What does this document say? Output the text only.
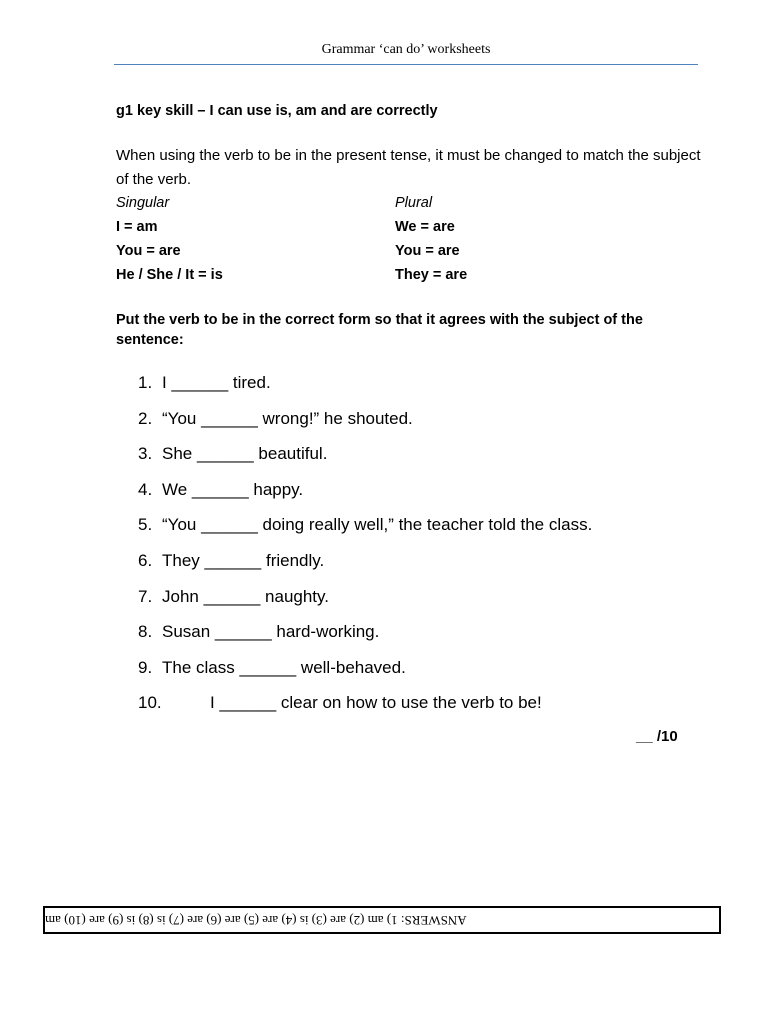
Grammar ‘can do’ worksheets
g1 key skill – I can use is, am and are correctly
When using the verb to be in the present tense, it must be changed to match the subject of the verb.
Singular	Plural
I = am	We = are
You = are	You = are
He / She / It = is	They = are
Put the verb to be in the correct form so that it agrees with the subject of the sentence:
1. I ______ tired.
2. “You ______ wrong!” he shouted.
3. She ______ beautiful.
4. We ______ happy.
5. “You ______ doing really well,” the teacher told the class.
6. They ______ friendly.
7. John ______ naughty.
8. Susan ______ hard-working.
9. The class ______ well-behaved.
10.	I ______ clear on how to use the verb to be!
__ /10
ANSWERS: 1) am (2) are (3) is (4) are (5) are (6) are (7) is (8) is (9) are (10) am
